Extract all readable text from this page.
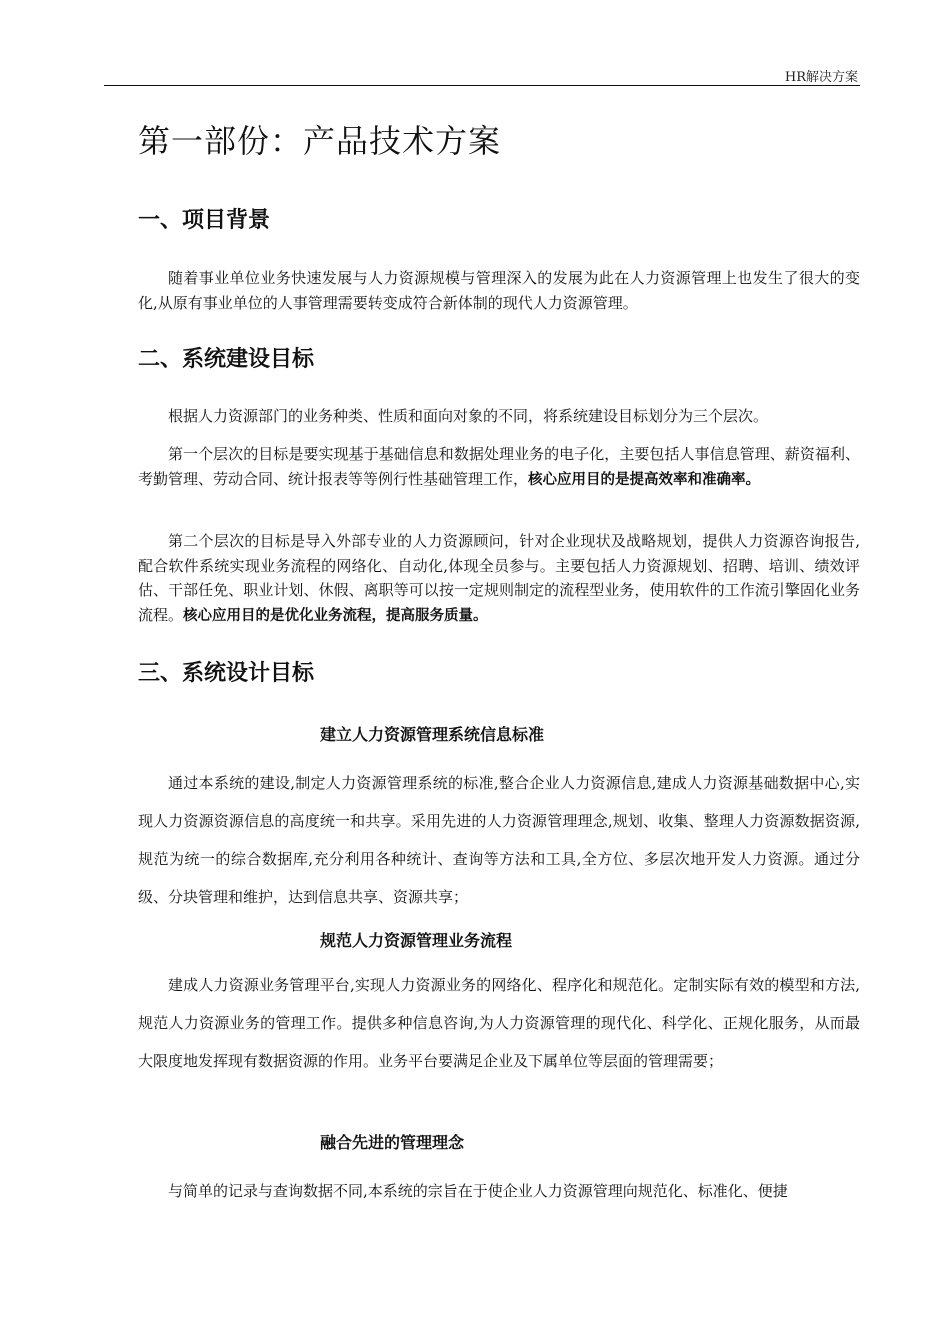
HR解决方案
第一部份：产品技术方案
一、项目背景

随着事业单位业务快速发展与人力资源规模与管理深入的发展为此在人力资源管理上也发生了很大的变化,从原有事业单位的人事管理需要转变成符合新体制的现代人力资源管理。

二、系统建设目标

根据人力资源部门的业务种类、性质和面向对象的不同，将系统建设目标划分为三个层次。

第一个层次的目标是要实现基于基础信息和数据处理业务的电子化，主要包括人事信息管理、薪资福利、考勤管理、劳动合同、统计报表等等例行性基础管理工作，核心应用目的是提高效率和准确率。

第二个层次的目标是导入外部专业的人力资源顾问，针对企业现状及战略规划，提供人力资源咨询报告,配合软件系统实现业务流程的网络化、自动化,体现全员参与。主要包括人力资源规划、招聘、培训、绩效评估、干部任免、职业计划、休假、离职等可以按一定规则制定的流程型业务，使用软件的工作流引擎固化业务流程。核心应用目的是优化业务流程，提高服务质量。

三、系统设计目标
建立人力资源管理系统信息标准

通过本系统的建设,制定人力资源管理系统的标准,整合企业人力资源信息,建成人力资源基础数据中心,实现人力资源资源信息的高度统一和共享。采用先进的人力资源管理理念,规划、收集、整理人力资源数据资源,规范为统一的综合数据库,充分利用各种统计、查询等方法和工具,全方位、多层次地开发人力资源。通过分级、分块管理和维护，达到信息共享、资源共享；

规范人力资源管理业务流程

建成人力资源业务管理平台,实现人力资源业务的网络化、程序化和规范化。定制实际有效的模型和方法,规范人力资源业务的管理工作。提供多种信息咨询,为人力资源管理的现代化、科学化、正规化服务，从而最大限度地发挥现有数据资源的作用。业务平台要满足企业及下属单位等层面的管理需要；

融合先进的管理理念

与简单的记录与查询数据不同,本系统的宗旨在于使企业人力资源管理向规范化、标准化、便捷
